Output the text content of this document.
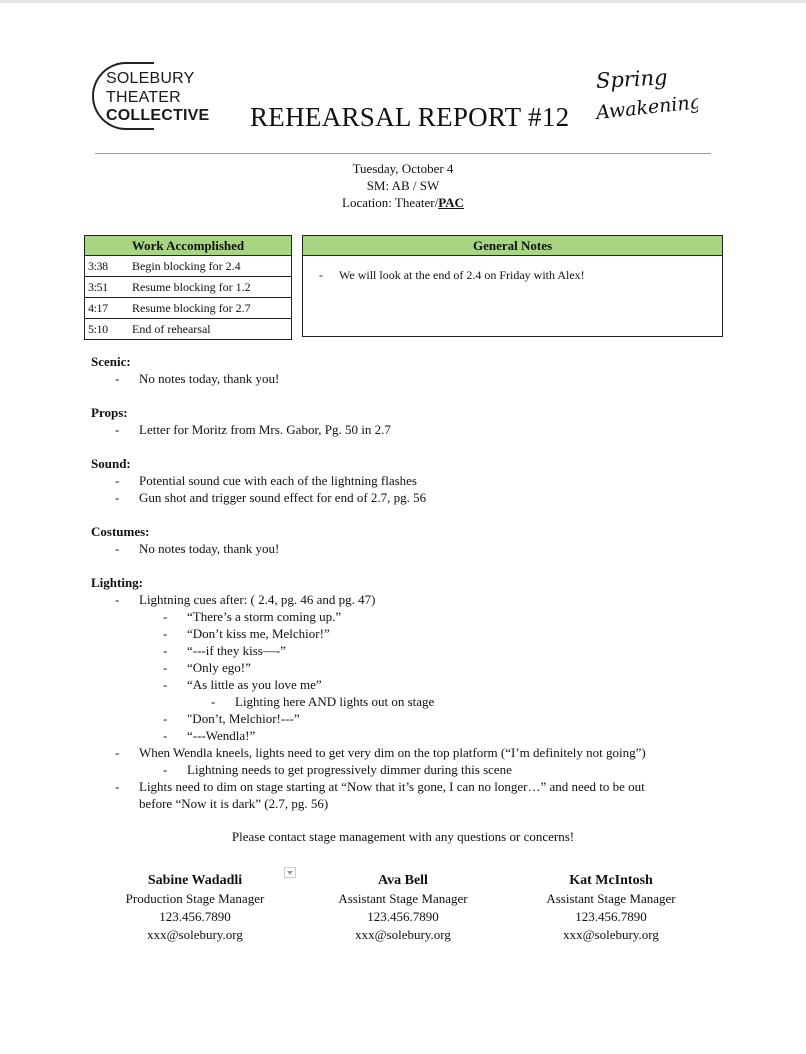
SOLEBURY
THEATER
COLLECTIVE REHEARSAL REPORT #12
Spring
Awakening
Tuesday, October 4
SM: AB / SW
Location: Theater/PAC
Work Accomplished
3:38	Begin blocking for 2.4
3:51	Resume blocking for 1.2
4:17	Resume blocking for 2.7
5:10	End of rehearsal
General Notes
-	We will look at the end of 2.4 on Friday with Alex!
Scenic:
- No notes today, thank you!
Props:
- Letter for Moritz from Mrs. Gabor, Pg. 50 in 2.7
Sound:
- Potential sound cue with each of the lightning flashes
- Gun shot and trigger sound effect for end of 2.7, pg. 56
Costumes:
- No notes today, thank you!
Lighting:
- Lightning cues after: ( 2.4, pg. 46 and pg. 47)
- “There’s a storm coming up.”
- “Don’t kiss me, Melchior!”
- “---if they kiss—-”
- “Only ego!”
- “As little as you love me”
- Lighting here AND lights out on stage
- "Don’t, Melchior!---”
- “---Wendla!”
- When Wendla kneels, lights need to get very dim on the top platform (“I’m definitely not going”)
- Lightning needs to get progressively dimmer during this scene
- Lights need to dim on stage starting at “Now that it’s gone, I can no longer…” and need to be out
before “Now it is dark” (2.7, pg. 56)
Please contact stage management with any questions or concerns!
Sabine Wadadli
Production Stage Manager
123.456.7890
xxx@solebury.org
Ava Bell
Assistant Stage Manager
123.456.7890
xxx@solebury.org
Kat McIntosh
Assistant Stage Manager
123.456.7890
xxx@solebury.org
